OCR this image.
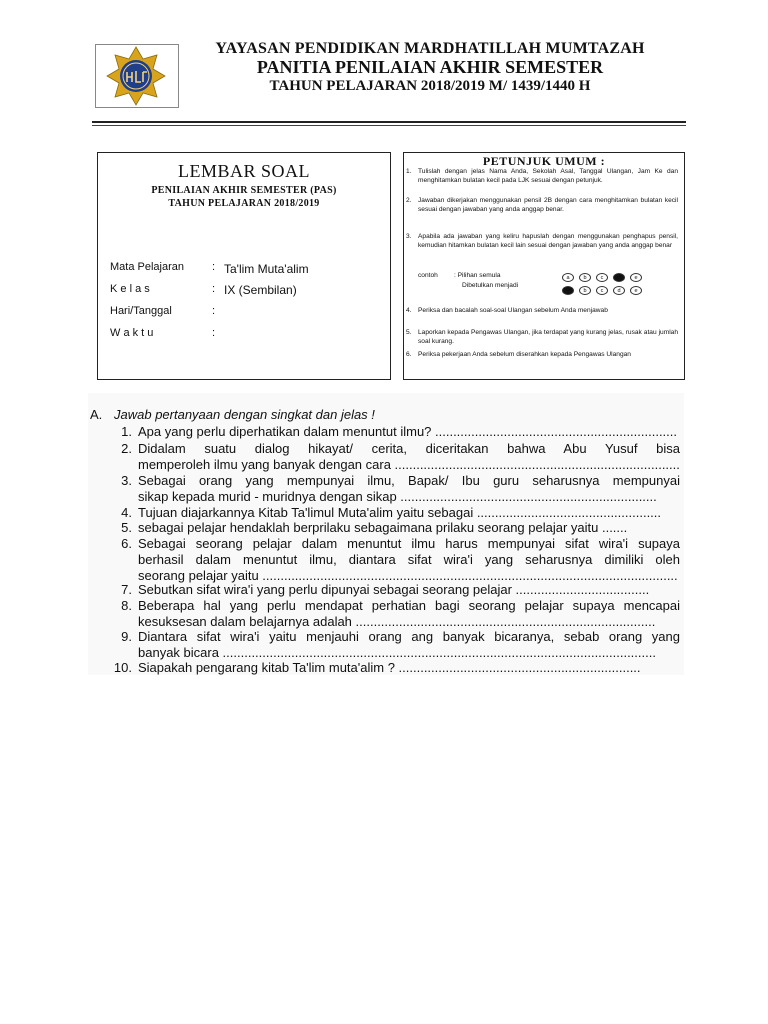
YAYASAN PENDIDIKAN MARDHATILLAH MUMTAZAH
PANITIA PENILAIAN AKHIR SEMESTER
TAHUN PELAJARAN 2018/2019 M/ 1439/1440 H
LEMBAR SOAL
PENILAIAN AKHIR SEMESTER (PAS)
TAHUN PELAJARAN 2018/2019
Mata Pelajaran	: Ta'lim Muta'alim
K e l a s	: IX (Sembilan)
Hari/Tanggal	:
W a k t u	:
PETUNJUK UMUM :
1. Tulislah dengan jelas Nama Anda, Sekolah Asal, Tanggal Ulangan, Jam Ke dan menghitamkan bulatan kecil pada LJK sesuai dengan petunjuk.
2. Jawaban dikerjakan menggunakan pensil 2B dengan cara menghitamkan bulatan kecil sesuai dengan jawaban yang anda anggap benar.
3. Apabila ada jawaban yang keliru hapuslah dengan menggunakan penghapus pensil, kemudian hitamkan bulatan kecil lain sesuai dengan jawaban yang anda anggap benar
contoh : Pilihan semula
Dibetulkan menjadi
a	b	c	d	e
a	b	c	d	e
4. Periksa dan bacalah soal-soal Ulangan sebelum Anda menjawab
5. Laporkan kepada Pengawas Ulangan, jika terdapat yang kurang jelas, rusak atau jumlah soal kurang.
6. Periksa pekerjaan Anda sebelum diserahkan kepada Pengawas Ulangan
A. Jawab pertanyaan dengan singkat dan jelas !
1. Apa yang perlu diperhatikan dalam menuntut ilmu? ...................................................................
2. Didalam suatu dialog hikayat/ cerita, diceritakan bahwa Abu Yusuf bisa
memperoleh ilmu yang banyak dengan cara ...............................................................................
3. Sebagai orang yang mempunyai ilmu, Bapak/ Ibu guru seharusnya mempunyai
sikap kepada murid - muridnya dengan sikap .......................................................................
4. Tujuan diajarkannya Kitab Ta'limul Muta'alim yaitu sebagai ...................................................
5. sebagai pelajar hendaklah berprilaku sebagaimana prilaku seorang pelajar yaitu .......
6. Sebagai seorang pelajar dalam menuntut ilmu harus mempunyai sifat wira'i supaya
berhasil dalam menuntut ilmu, diantara sifat wira'i yang seharusnya dimiliki oleh
seorang pelajar yaitu ...................................................................................................................
7. Sebutkan sifat wira'i yang perlu dipunyai sebagai seorang pelajar .....................................
8. Beberapa hal yang perlu mendapat perhatian bagi seorang pelajar supaya mencapai
kesuksesan dalam belajarnya adalah ...................................................................................
9. Diantara sifat wira'i yaitu menjauhi orang ang banyak bicaranya, sebab orang yang
banyak bicara ........................................................................................................................
10. Siapakah pengarang kitab Ta'lim muta'alim ? ...................................................................
